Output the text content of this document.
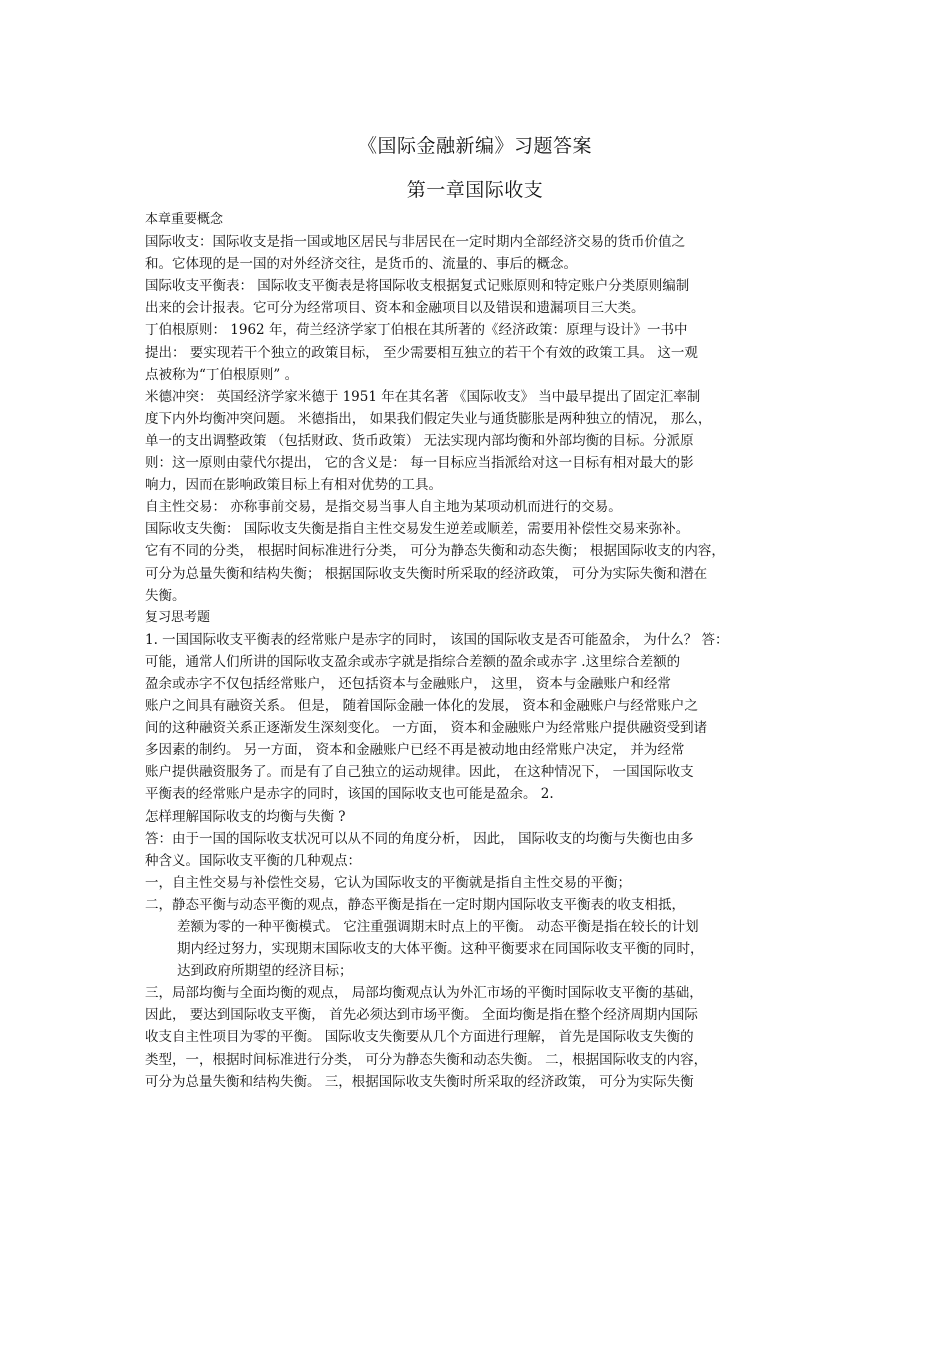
《国际金融新编》习题答案
第一章国际收支
本章重要概念
国际收支：国际收支是指一国或地区居民与非居民在一定时期内全部经济交易的货币价值之
和。它体现的是一国的对外经济交往，是货币的、流量的、事后的概念。
国际收支平衡表： 国际收支平衡表是将国际收支根据复式记账原则和特定账户分类原则编制
出来的会计报表。它可分为经常项目、资本和金融项目以及错误和遗漏项目三大类。
丁伯根原则： 1962 年，荷兰经济学家丁伯根在其所著的《经济政策：原理与设计》一书中
提出： 要实现若干个独立的政策目标， 至少需要相互独立的若干个有效的政策工具。 这一观
点被称为“丁伯根原则” 。
米德冲突： 英国经济学家米德于 1951 年在其名著 《国际收支》 当中最早提出了固定汇率制
度下内外均衡冲突问题。 米德指出， 如果我们假定失业与通货膨胀是两种独立的情况， 那么，
单一的支出调整政策 （包括财政、货币政策） 无法实现内部均衡和外部均衡的目标。分派原
则：这一原则由蒙代尔提出， 它的含义是： 每一目标应当指派给对这一目标有相对最大的影
响力，因而在影响政策目标上有相对优势的工具。
自主性交易： 亦称事前交易，是指交易当事人自主地为某项动机而进行的交易。
国际收支失衡： 国际收支失衡是指自主性交易发生逆差或顺差，需要用补偿性交易来弥补。
它有不同的分类， 根据时间标准进行分类， 可分为静态失衡和动态失衡； 根据国际收支的内容，
可分为总量失衡和结构失衡； 根据国际收支失衡时所采取的经济政策， 可分为实际失衡和潜在
失衡。
复习思考题
1. 一国国际收支平衡表的经常账户是赤字的同时， 该国的国际收支是否可能盈余， 为什么？ 答：
可能，通常人们所讲的国际收支盈余或赤字就是指综合差额的盈余或赤字 .这里综合差额的
盈余或赤字不仅包括经常账户， 还包括资本与金融账户， 这里， 资本与金融账户和经常
账户之间具有融资关系。 但是， 随着国际金融一体化的发展， 资本和金融账户与经常账户之
间的这种融资关系正逐渐发生深刻变化。 一方面， 资本和金融账户为经常账户提供融资受到诸
多因素的制约。 另一方面， 资本和金融账户已经不再是被动地由经常账户决定， 并为经常
账户提供融资服务了。而是有了自己独立的运动规律。因此， 在这种情况下， 一国国际收支
平衡表的经常账户是赤字的同时，该国的国际收支也可能是盈余。 2.
怎样理解国际收支的均衡与失衡 ?
答：由于一国的国际收支状况可以从不同的角度分析， 因此， 国际收支的均衡与失衡也由多
种含义。国际收支平衡的几种观点：
一，自主性交易与补偿性交易，它认为国际收支的平衡就是指自主性交易的平衡；
二，静态平衡与动态平衡的观点，静态平衡是指在一定时期内国际收支平衡表的收支相抵，
差额为零的一种平衡模式。 它注重强调期末时点上的平衡。 动态平衡是指在较长的计划
期内经过努力，实现期末国际收支的大体平衡。这种平衡要求在同国际收支平衡的同时，
达到政府所期望的经济目标；
三，局部均衡与全面均衡的观点， 局部均衡观点认为外汇市场的平衡时国际收支平衡的基础，
因此， 要达到国际收支平衡， 首先必须达到市场平衡。 全面均衡是指在整个经济周期内国际
收支自主性项目为零的平衡。 国际收支失衡要从几个方面进行理解， 首先是国际收支失衡的
类型，一，根据时间标准进行分类， 可分为静态失衡和动态失衡。 二，根据国际收支的内容，
可分为总量失衡和结构失衡。 三，根据国际收支失衡时所采取的经济政策， 可分为实际失衡
